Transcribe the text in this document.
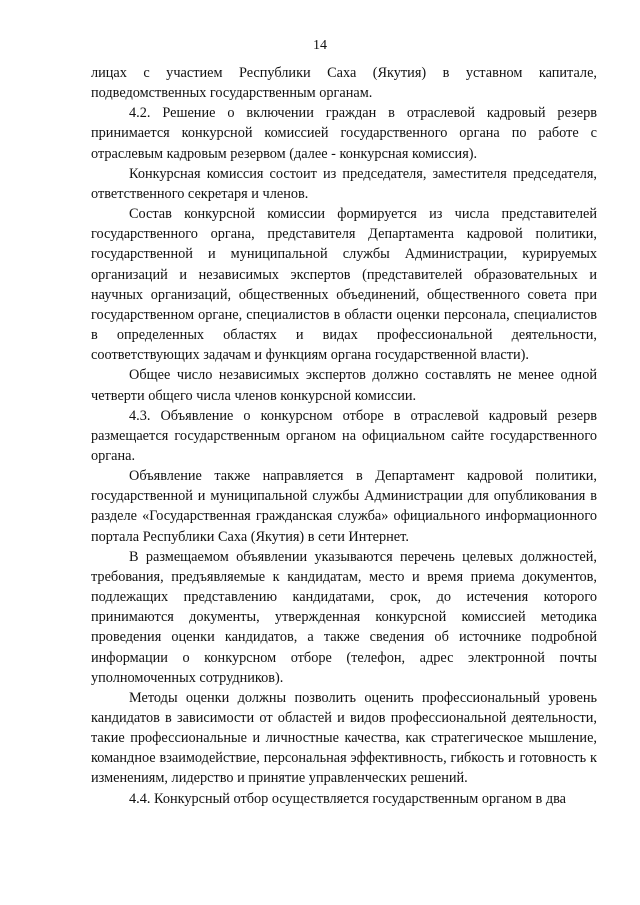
14

лицах с участием Республики Саха (Якутия) в уставном капитале, подведомственных государственным органам.

4.2. Решение о включении граждан в отраслевой кадровый резерв принимается конкурсной комиссией государственного органа по работе с отраслевым кадровым резервом (далее - конкурсная комиссия).

Конкурсная комиссия состоит из председателя, заместителя председателя, ответственного секретаря и членов.

Состав конкурсной комиссии формируется из числа представителей государственного органа, представителя Департамента кадровой политики, государственной и муниципальной службы Администрации, курируемых организаций и независимых экспертов (представителей образовательных и научных организаций, общественных объединений, общественного совета при государственном органе, специалистов в области оценки персонала, специалистов в определенных областях и видах профессиональной деятельности, соответствующих задачам и функциям органа государственной власти).

Общее число независимых экспертов должно составлять не менее одной четверти общего числа членов конкурсной комиссии.

4.3. Объявление о конкурсном отборе в отраслевой кадровый резерв размещается государственным органом на официальном сайте государственного органа.

Объявление также направляется в Департамент кадровой политики, государственной и муниципальной службы Администрации для опубликования в разделе «Государственная гражданская служба» официального информационного портала Республики Саха (Якутия) в сети Интернет.

В размещаемом объявлении указываются перечень целевых должностей, требования, предъявляемые к кандидатам, место и время приема документов, подлежащих представлению кандидатами, срок, до истечения которого принимаются документы, утвержденная конкурсной комиссией методика проведения оценки кандидатов, а также сведения об источнике подробной информации о конкурсном отборе (телефон, адрес электронной почты уполномоченных сотрудников).

Методы оценки должны позволить оценить профессиональный уровень кандидатов в зависимости от областей и видов профессиональной деятельности, такие профессиональные и личностные качества, как стратегическое мышление, командное взаимодействие, персональная эффективность, гибкость и готовность к изменениям, лидерство и принятие управленческих решений.

4.4. Конкурсный отбор осуществляется государственным органом в два
